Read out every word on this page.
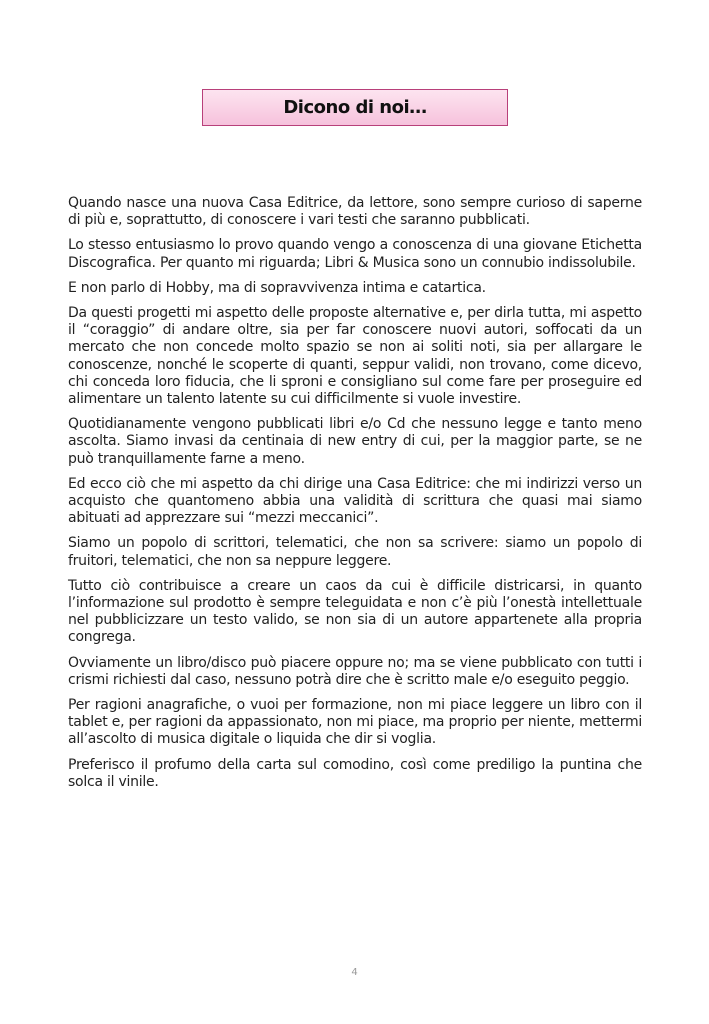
Dicono di noi…

Quando nasce una nuova Casa Editrice, da lettore, sono sempre curioso di saperne di più e, soprattutto, di conoscere i vari testi che saranno pubblicati.

Lo stesso entusiasmo lo provo quando vengo a conoscenza di una giovane Etichetta Discografica. Per quanto mi riguarda; Libri & Musica sono un connubio indissolubile.

E non parlo di Hobby, ma di sopravvivenza intima e catartica.

Da questi progetti mi aspetto delle proposte alternative e, per dirla tutta, mi aspetto il “coraggio” di andare oltre, sia per far conoscere nuovi autori, soffocati da un mercato che non concede molto spazio se non ai soliti noti, sia per allargare le conoscenze, nonché le scoperte di quanti, seppur validi, non trovano, come dicevo, chi conceda loro fiducia, che li sproni e consigliano sul come fare per proseguire ed alimentare un talento latente su cui difficilmente si vuole investire.

Quotidianamente vengono pubblicati libri e/o Cd che nessuno legge e tanto meno ascolta. Siamo invasi da centinaia di new entry di cui, per la maggior parte, se ne può tranquillamente farne a meno.

Ed ecco ciò che mi aspetto da chi dirige una Casa Editrice: che mi indirizzi verso un acquisto che quantomeno abbia una validità di scrittura che quasi mai siamo abituati ad apprezzare sui “mezzi meccanici”.

Siamo un popolo di scrittori, telematici, che non sa scrivere: siamo un popolo di fruitori, telematici, che non sa neppure leggere.

Tutto ciò contribuisce a creare un caos da cui è difficile districarsi, in quanto l’informazione sul prodotto è sempre teleguidata e non c’è più l’onestà intellettuale nel pubblicizzare un testo valido, se non sia di un autore appartenete alla propria congrega.

Ovviamente un libro/disco può piacere oppure no; ma se viene pubblicato con tutti i crismi richiesti dal caso, nessuno potrà dire che è scritto male e/o eseguito peggio.

Per ragioni anagrafiche, o vuoi per formazione, non mi piace leggere un libro con il tablet e, per ragioni da appassionato, non mi piace, ma proprio per niente, mettermi all’ascolto di musica digitale o liquida che dir si voglia.

Preferisco il profumo della carta sul comodino, così come prediligo la puntina che solca il vinile.

4
